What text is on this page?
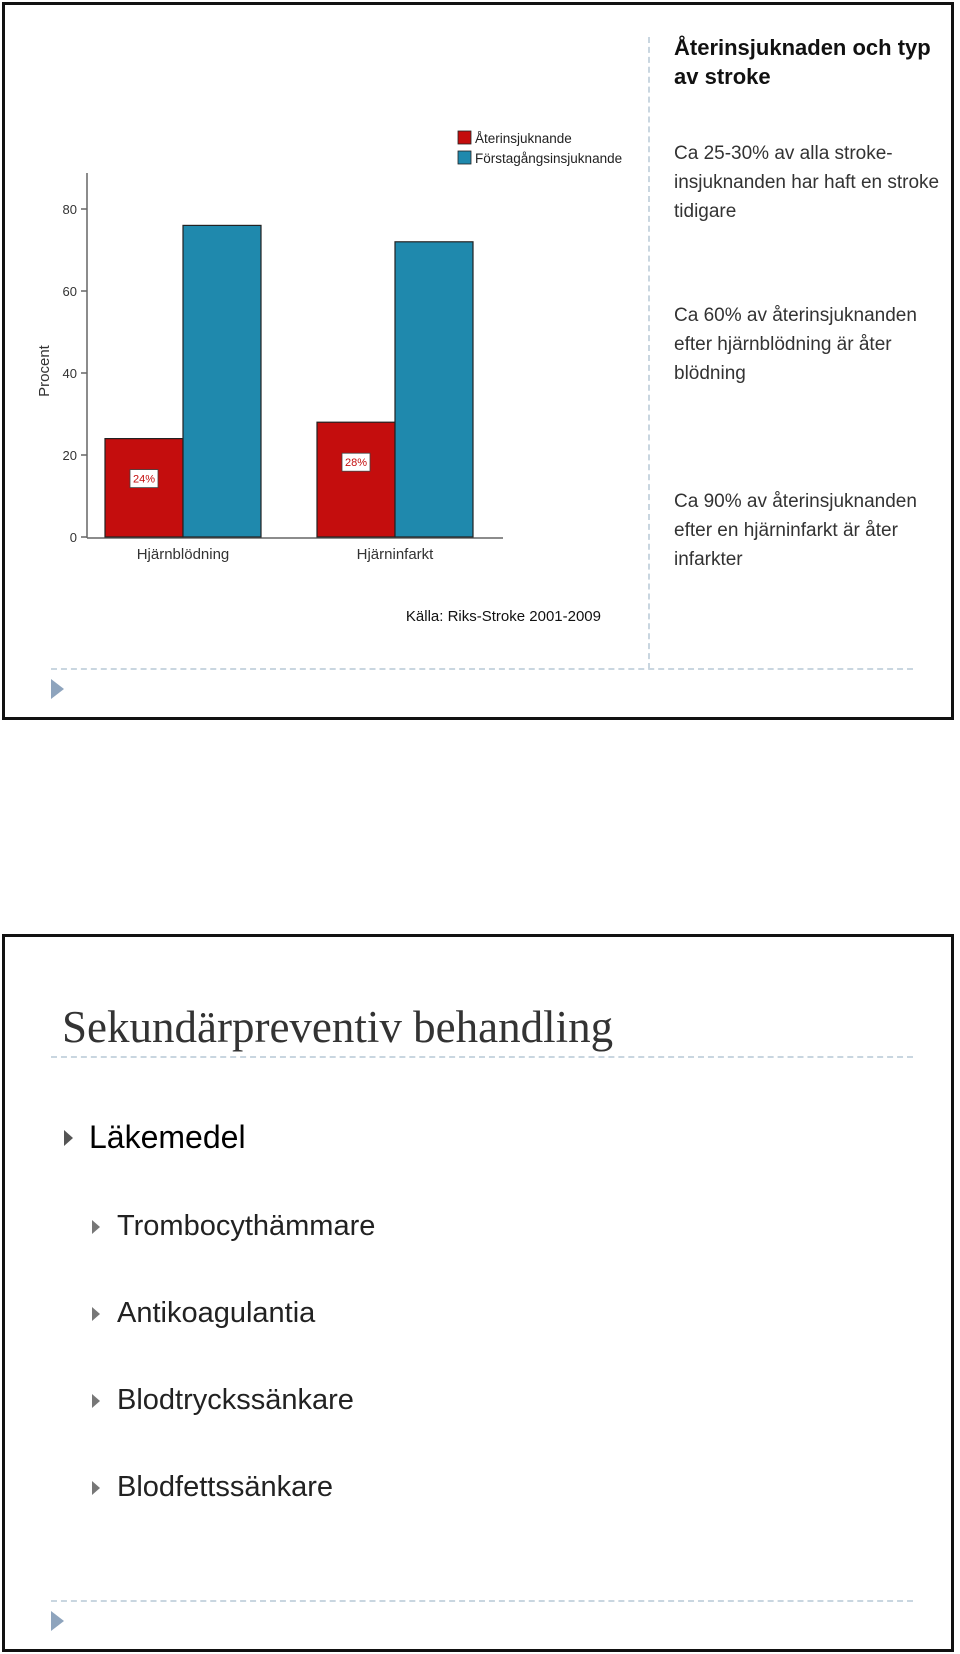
0
20
40
60
80
Procent
24%
Hjärnblödning
28%
Hjärninfarkt
Återinsjuknande
Förstagångsinsjuknande
Källa: Riks-Stroke 2001-2009
Återinsjuknaden och typ av stroke
Ca 25-30% av alla stroke-insjuknanden har haft en stroke tidigare
Ca 60% av återinsjuknanden efter hjärnblödning är åter blödning
Ca 90% av återinsjuknanden efter en hjärninfarkt är åter infarkter
Sekundärpreventiv behandling
Läkemedel
Trombocythämmare
Antikoagulantia
Blodtryckssänkare
Blodfettssänkare
